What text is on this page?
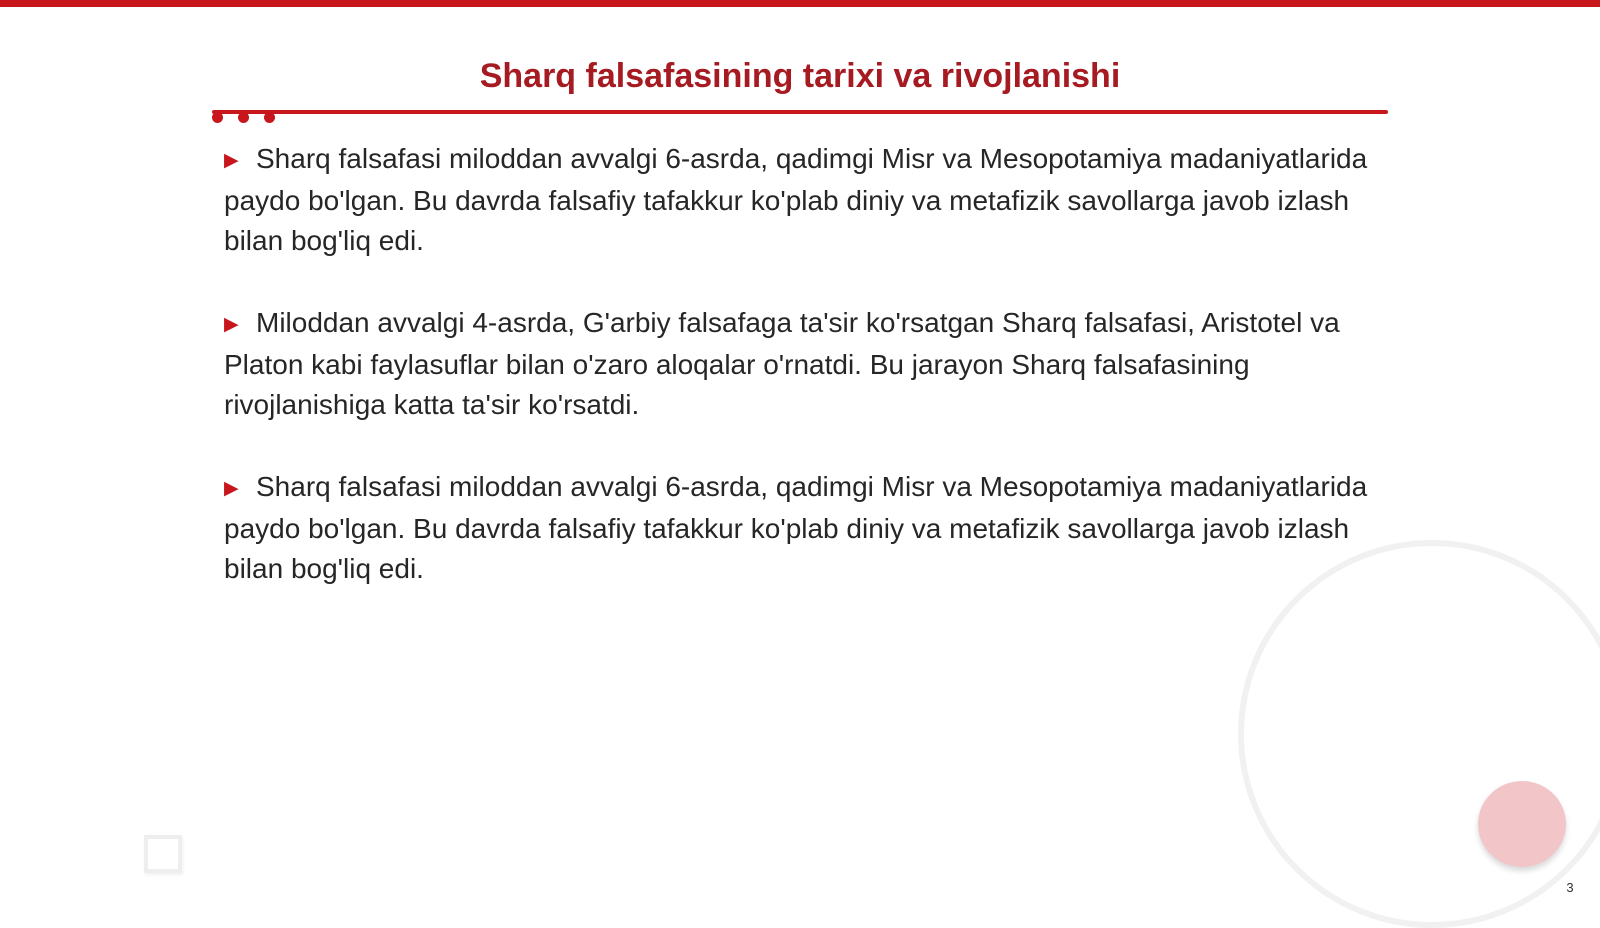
Sharq falsafasining tarixi va rivojlanishi

▶ Sharq falsafasi miloddan avvalgi 6-asrda, qadimgi Misr va Mesopotamiya madaniyatlarida paydo bo'lgan. Bu davrda falsafiy tafakkur ko'plab diniy va metafizik savollarga javob izlash bilan bog'liq edi.

▶ Miloddan avvalgi 4-asrda, G'arbiy falsafaga ta'sir ko'rsatgan Sharq falsafasi, Aristotel va Platon kabi faylasuflar bilan o'zaro aloqalar o'rnatdi. Bu jarayon Sharq falsafasining rivojlanishiga katta ta'sir ko'rsatdi.

▶ Sharq falsafasi miloddan avvalgi 6-asrda, qadimgi Misr va Mesopotamiya madaniyatlarida paydo bo'lgan. Bu davrda falsafiy tafakkur ko'plab diniy va metafizik savollarga javob izlash bilan bog'liq edi.

3
